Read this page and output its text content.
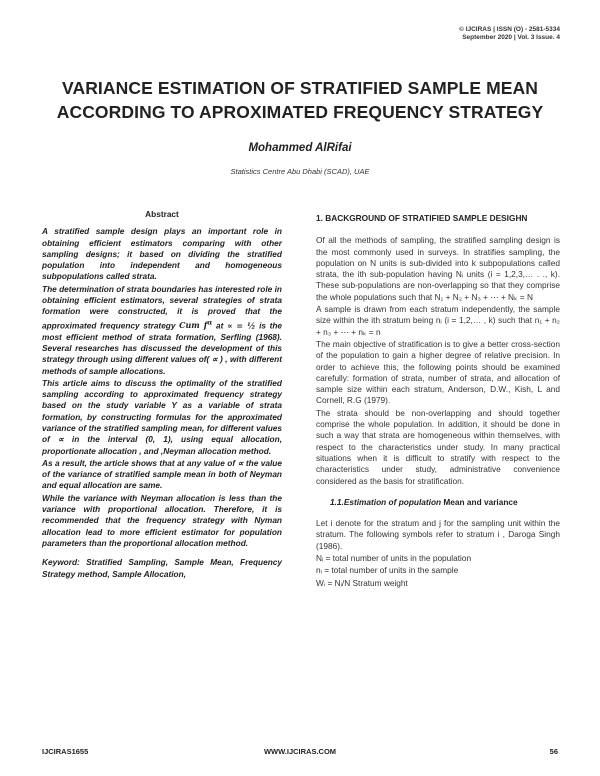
© IJCIRAS | ISSN (O) - 2581-5334
September 2020 | Vol. 3 Issue. 4
VARIANCE ESTIMATION OF STRATIFIED SAMPLE MEAN
ACCORDING TO APROXIMATED FREQUENCY STRATEGY
Mohammed AlRifai
Statistics Centre Abu Dhabi (SCAD), UAE
Abstract

A stratified sample design plays an important role in obtaining efficient estimators comparing with other sampling designs; it based on dividing the stratified population into independent and homogeneous subpopulations called strata.

The determination of strata boundaries has interested role in obtaining efficient estimators, several strategies of strata formation were constructed, it is proved that the approximated frequency strategy Cum $f^\alpha$ at ∝ = ½ is the most efficient method of strata formation, Serfling (1968). Several researches has discussed the development of this strategy through using different values of( ∝ ) , with different methods of sample allocations.

This article aims to discuss the optimality of the stratified sampling according to approximated frequency strategy based on the study variable Y as a variable of strata formation, by constructing formulas for the approximated variance of the stratified sampling mean, for different values of ∝ in the interval (0, 1), using equal allocation, proportionate allocation , and ,Neyman allocation method.

As a result, the article shows that at any value of ∝ the value of the variance of stratified sample mean in both of Neyman and equal allocation are same.

While the variance with Neyman allocation is less than the variance with proportional allocation. Therefore, it is recommended that the frequency strategy with Nyman allocation lead to more efficient estimator for population parameters than the proportional allocation method.

Keyword: Stratified Sampling, Sample Mean, Frequency Strategy method, Sample Allocation,

1. BACKGROUND OF STRATIFIED SAMPLE DESIGHN

Of all the methods of sampling, the stratified sampling design is the most commonly used in surveys. In stratifies sampling, the population on N units is sub-divided into k subpopulations called strata, the ith sub-population having Nᵢ units (i = 1,2,3,… . ., k). These sub-populations are non-overlapping so that they comprise the whole populations such that N₁ + N₂ + N₃ + ⋯ + Nₖ = N

A sample is drawn from each stratum independently, the sample size within the ith stratum being nᵢ (i = 1,2,… , k) such that n₁ + n₂ + n₃ + ⋯ + nₖ = n

The main objective of stratification is to give a better cross-section of the population to gain a higher degree of relative precision. In order to achieve this, the following points should be examined carefully: formation of strata, number of strata, and allocation of sample size within each stratum, Anderson, D.W., Kish, L and Cornell, R.G (1979).

The strata should be non-overlapping and should together comprise the whole population. In addition, it should be done in such a way that strata are homogeneous within themselves, with respect to the characteristics under study. In many practical situations when it is difficult to stratify with respect to the characteristics under study, administrative convenience considered as the basis for stratification.

1.1.Estimation of population Mean and variance

Let i denote for the stratum and j for the sampling unit within the stratum. The following symbols refer to stratum i , Daroga Singh (1986).

Nᵢ = total number of units in the population

nᵢ = total number of units in the sample

Wᵢ = Nᵢ/N Stratum weight

IJCIRAS1655	WWW.IJCIRAS.COM	56
